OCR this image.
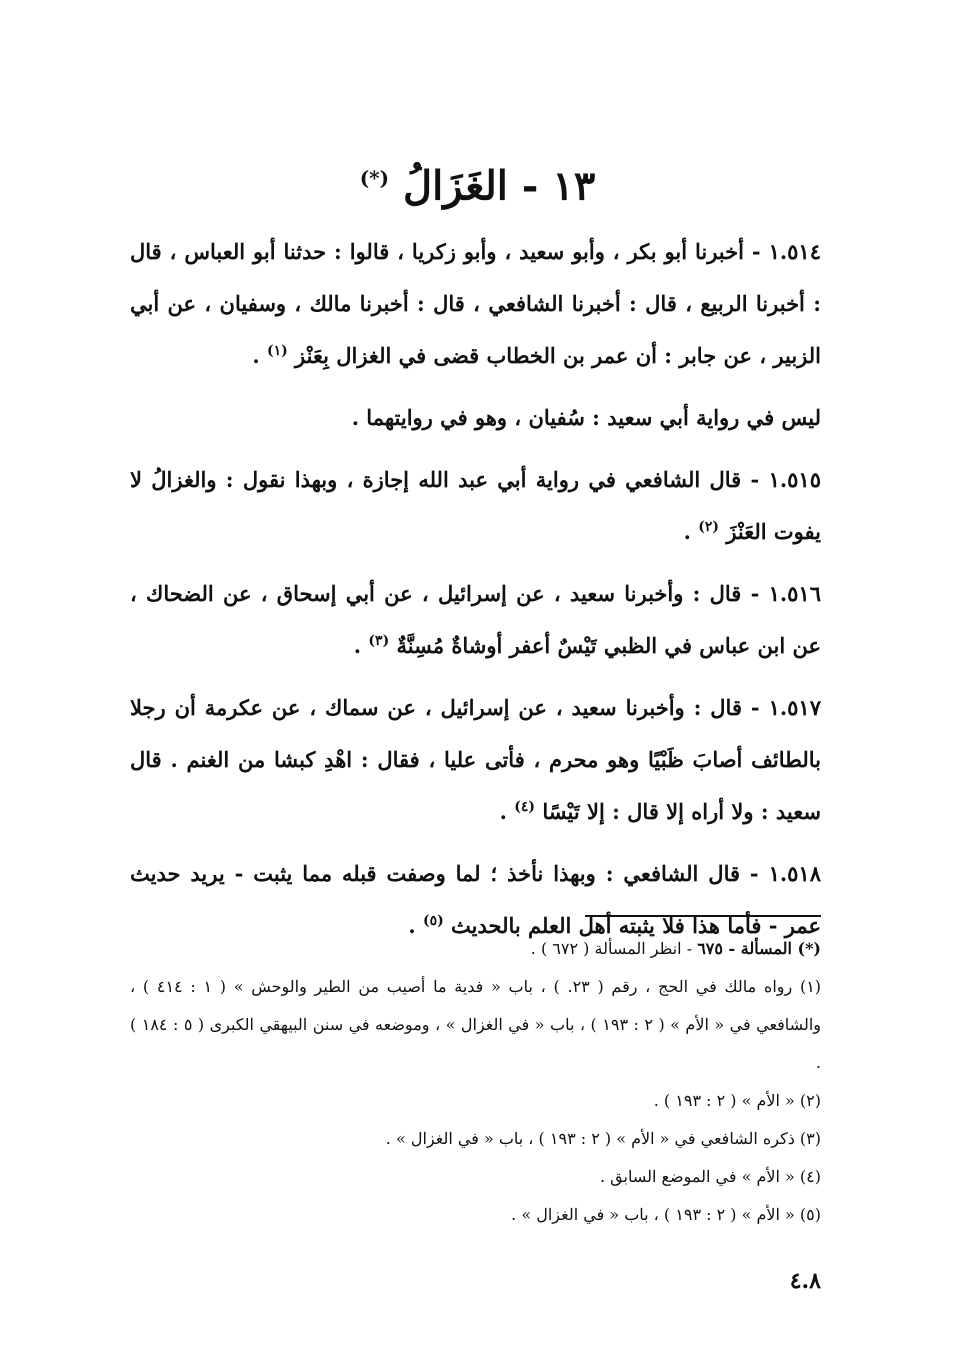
١٣ - الغَزَالُ (*)

١.٥١٤ - أخبرنا أبو بكر ، وأبو سعيد ، وأبو زكريا ، قالوا : حدثنا أبو العباس ، قال : أخبرنا الربيع ، قال : أخبرنا الشافعي ، قال : أخبرنا مالك ، وسفيان ، عن أبي الزبير ، عن جابر : أن عمر بن الخطاب قضى في الغزال بِعَنْز $^{(١)}$ .

ليس في رواية أبي سعيد : سُفيان ، وهو في روايتهما .

١.٥١٥ - قال الشافعي في رواية أبي عبد الله إجازة ، وبهذا نقول : والغزالُ لا يفوت العَنْزَ $^{(٢)}$ .

١.٥١٦ - قال : وأخبرنا سعيد ، عن إسرائيل ، عن أبي إسحاق ، عن الضحاك ، عن ابن عباس في الظبي تَيْسٌ أعفر أوشاةٌ مُسِنَّةٌ $^{(٣)}$ .

١.٥١٧ - قال : وأخبرنا سعيد ، عن إسرائيل ، عن سماك ، عن عكرمة أن رجلا بالطائف أصابَ ظَبْيًا وهو محرم ، فأتى عليا ، فقال : اهْدِ كبشا من الغنم . قال سعيد : ولا أراه إلا قال : إلا تَيْسًا $^{(٤)}$ .

١.٥١٨ - قال الشافعي : وبهذا نأخذ ؛ لما وصفت قبله مما يثبت - يريد حديث عمر - فأما هذا فلا يثبته أهل العلم بالحديث $^{(٥)}$ .

(*) المسألة - ٦٧٥ - انظر المسألة ( ٦٧٢ ) .

(١) رواه مالك في الحج ، رقم ( ٢٣. ) ، باب « فدية ما أصيب من الطير والوحش » ( ١ : ٤١٤ ) ، والشافعي في « الأم » ( ٢ : ١٩٣ ) ، باب « في الغزال » ، وموضعه في سنن البيهقي الكبرى ( ٥ : ١٨٤ ) .

(٢) « الأم » ( ٢ : ١٩٣ ) .

(٣) ذكره الشافعي في « الأم » ( ٢ : ١٩٣ ) ، باب « في الغزال » .

(٤) « الأم » في الموضع السابق .

(٥) « الأم » ( ٢ : ١٩٣ ) ، باب « في الغزال » .

٤.٨
